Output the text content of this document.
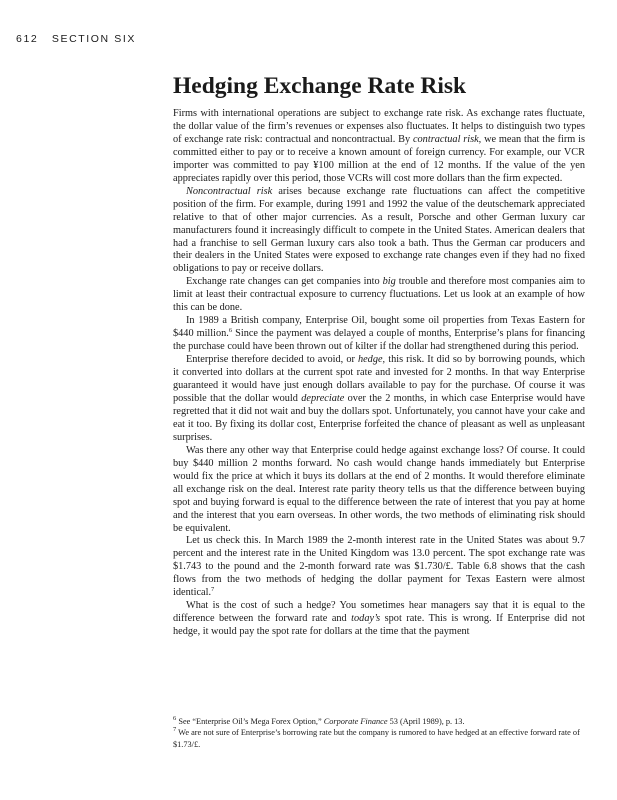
612 SECTION SIX
Hedging Exchange Rate Risk

Firms with international operations are subject to exchange rate risk. As exchange rates fluctuate, the dollar value of the firm’s revenues or expenses also fluctuates. It helps to distinguish two types of exchange rate risk: contractual and noncontractual. By contractual risk, we mean that the firm is committed either to pay or to receive a known amount of foreign currency. For example, our VCR importer was committed to pay ¥100 million at the end of 12 months. If the value of the yen appreciates rapidly over this period, those VCRs will cost more dollars than the firm expected.

Noncontractual risk arises because exchange rate fluctuations can affect the competitive position of the firm. For example, during 1991 and 1992 the value of the deutschemark appreciated relative to that of other major currencies. As a result, Porsche and other German luxury car manufacturers found it increasingly difficult to compete in the United States. American dealers that had a franchise to sell German luxury cars also took a bath. Thus the German car producers and their dealers in the United States were exposed to exchange rate changes even if they had no fixed obligations to pay or receive dollars.

Exchange rate changes can get companies into big trouble and therefore most companies aim to limit at least their contractual exposure to currency fluctuations. Let us look at an example of how this can be done.

In 1989 a British company, Enterprise Oil, bought some oil properties from Texas Eastern for $440 million.$^6$ Since the payment was delayed a couple of months, Enterprise’s plans for financing the purchase could have been thrown out of kilter if the dollar had strengthened during this period.

Enterprise therefore decided to avoid, or hedge, this risk. It did so by borrowing pounds, which it converted into dollars at the current spot rate and invested for 2 months. In that way Enterprise guaranteed it would have just enough dollars available to pay for the purchase. Of course it was possible that the dollar would depreciate over the 2 months, in which case Enterprise would have regretted that it did not wait and buy the dollars spot. Unfortunately, you cannot have your cake and eat it too. By fixing its dollar cost, Enterprise forfeited the chance of pleasant as well as unpleasant surprises.

Was there any other way that Enterprise could hedge against exchange loss? Of course. It could buy $440 million 2 months forward. No cash would change hands immediately but Enterprise would fix the price at which it buys its dollars at the end of 2 months. It would therefore eliminate all exchange risk on the deal. Interest rate parity theory tells us that the difference between buying spot and buying forward is equal to the difference between the rate of interest that you pay at home and the interest that you earn overseas. In other words, the two methods of eliminating risk should be equivalent.

Let us check this. In March 1989 the 2-month interest rate in the United States was about 9.7 percent and the interest rate in the United Kingdom was 13.0 percent. The spot exchange rate was $1.743 to the pound and the 2-month forward rate was $1.730/£. Table 6.8 shows that the cash flows from the two methods of hedging the dollar payment for Texas Eastern were almost identical.$^7$

What is the cost of such a hedge? You sometimes hear managers say that it is equal to the difference between the forward rate and today’s spot rate. This is wrong. If Enterprise did not hedge, it would pay the spot rate for dollars at the time that the payment

$^6$ See “Enterprise Oil’s Mega Forex Option,” Corporate Finance 53 (April 1989), p. 13.

$^7$ We are not sure of Enterprise’s borrowing rate but the company is rumored to have hedged at an effective forward rate of $1.73/£.
